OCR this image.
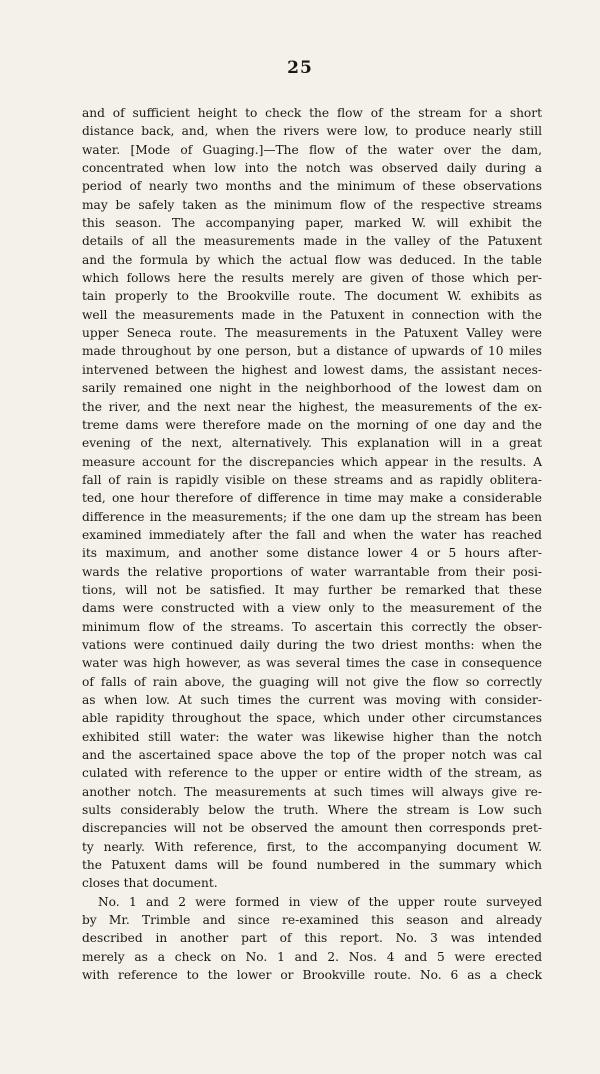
25
and of sufficient height to check the flow of the stream for a short
distance back, and, when the rivers were low, to produce nearly still
water. [Mode of Guaging.]—The flow of the water over the dam,
concentrated when low into the notch was observed daily during a
period of nearly two months and the minimum of these observations
may be safely taken as the minimum flow of the respective streams
this season. The accompanying paper, marked W. will exhibit the
details of all the measurements made in the valley of the Patuxent
and the formula by which the actual flow was deduced. In the table
which follows here the results merely are given of those which per-
tain properly to the Brookville route. The document W. exhibits as
well the measurements made in the Patuxent in connection with the
upper Seneca route. The measurements in the Patuxent Valley were
made throughout by one person, but a distance of upwards of 10 miles
intervened between the highest and lowest dams, the assistant neces-
sarily remained one night in the neighborhood of the lowest dam on
the river, and the next near the highest, the measurements of the ex-
treme dams were therefore made on the morning of one day and the
evening of the next, alternatively. This explanation will in a great
measure account for the discrepancies which appear in the results. A
fall of rain is rapidly visible on these streams and as rapidly oblitera-
ted, one hour therefore of difference in time may make a considerable
difference in the measurements; if the one dam up the stream has been
examined immediately after the fall and when the water has reached
its maximum, and another some distance lower 4 or 5 hours after-
wards the relative proportions of water warrantable from their posi-
tions, will not be satisfied. It may further be remarked that these
dams were constructed with a view only to the measurement of the
minimum flow of the streams. To ascertain this correctly the obser-
vations were continued daily during the two driest months: when the
water was high however, as was several times the case in consequence
of falls of rain above, the guaging will not give the flow so correctly
as when low. At such times the current was moving with consider-
able rapidity throughout the space, which under other circumstances
exhibited still water: the water was likewise higher than the notch
and the ascertained space above the top of the proper notch was cal
culated with reference to the upper or entire width of the stream, as
another notch. The measurements at such times will always give re-
sults considerably below the truth. Where the stream is Low such
discrepancies will not be observed the amount then corresponds pret-
ty nearly. With reference, first, to the accompanying document W.
the Patuxent dams will be found numbered in the summary which
closes that document.
No. 1 and 2 were formed in view of the upper route surveyed
by Mr. Trimble and since re-examined this season and already
described in another part of this report. No. 3 was intended
merely as a check on No. 1 and 2. Nos. 4 and 5 were erected
with reference to the lower or Brookville route. No. 6 as a check
